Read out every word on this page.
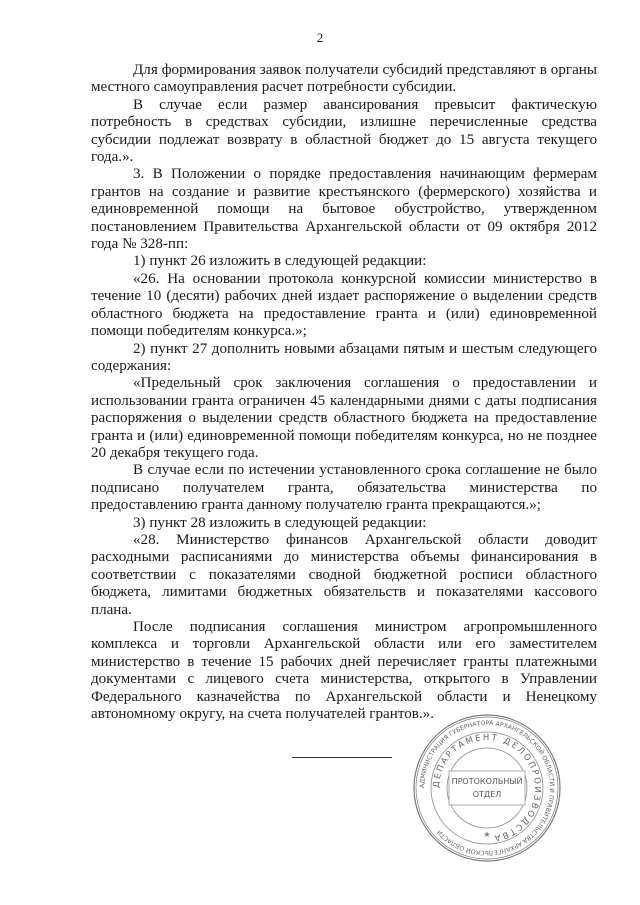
2

Для формирования заявок получатели субсидий представляют в органы местного самоуправления расчет потребности субсидии.

В случае если размер авансирования превысит фактическую потребность в средствах субсидии, излишне перечисленные средства субсидии подлежат возврату в областной бюджет до 15 августа текущего года.».

3. В Положении о порядке предоставления начинающим фермерам грантов на создание и развитие крестьянского (фермерского) хозяйства и единовременной помощи на бытовое обустройство, утвержденном постановлением Правительства Архангельской области от 09 октября 2012 года № 328-пп:

1) пункт 26 изложить в следующей редакции:

«26. На основании протокола конкурсной комиссии министерство в течение 10 (десяти) рабочих дней издает распоряжение о выделении средств областного бюджета на предоставление гранта и (или) единовременной помощи победителям конкурса.»;

2) пункт 27 дополнить новыми абзацами пятым и шестым следующего содержания:

«Предельный срок заключения соглашения о предоставлении и использовании гранта ограничен 45 календарными днями с даты подписания распоряжения о выделении средств областного бюджета на предоставление гранта и (или) единовременной помощи победителям конкурса, но не позднее 20 декабря текущего года.

В случае если по истечении установленного срока соглашение не было подписано получателем гранта, обязательства министерства по предоставлению гранта данному получателю гранта прекращаются.»;

3) пункт 28 изложить в следующей редакции:

«28. Министерство финансов Архангельской области доводит расходными расписаниями до министерства объемы финансирования в соответствии с показателями сводной бюджетной росписи областного бюджета, лимитами бюджетных обязательств и показателями кассового плана.

После подписания соглашения министром агропромышленного комплекса и торговли Архангельской области или его заместителем министерство в течение 15 рабочих дней перечисляет гранты платежными документами с лицевого счета министерства, открытого в Управлении Федерального казначейства по Архангельской области и Ненецкому автономному округу, на счета получателей грантов.».

АДМИНИСТРАЦИЯ ГУБЕРНАТОРА АРХАНГЕЛЬСКОЙ ОБЛАСТИ И ПРАВИТЕЛЬСТВА АРХАНГЕЛЬСКОЙ ОБЛАСТИ
ДЕПАРТАМЕНТ ДЕЛОПРОИЗВОДСТВА
ПРОТОКОЛЬНЫЙ
ОТДЕЛ
★
